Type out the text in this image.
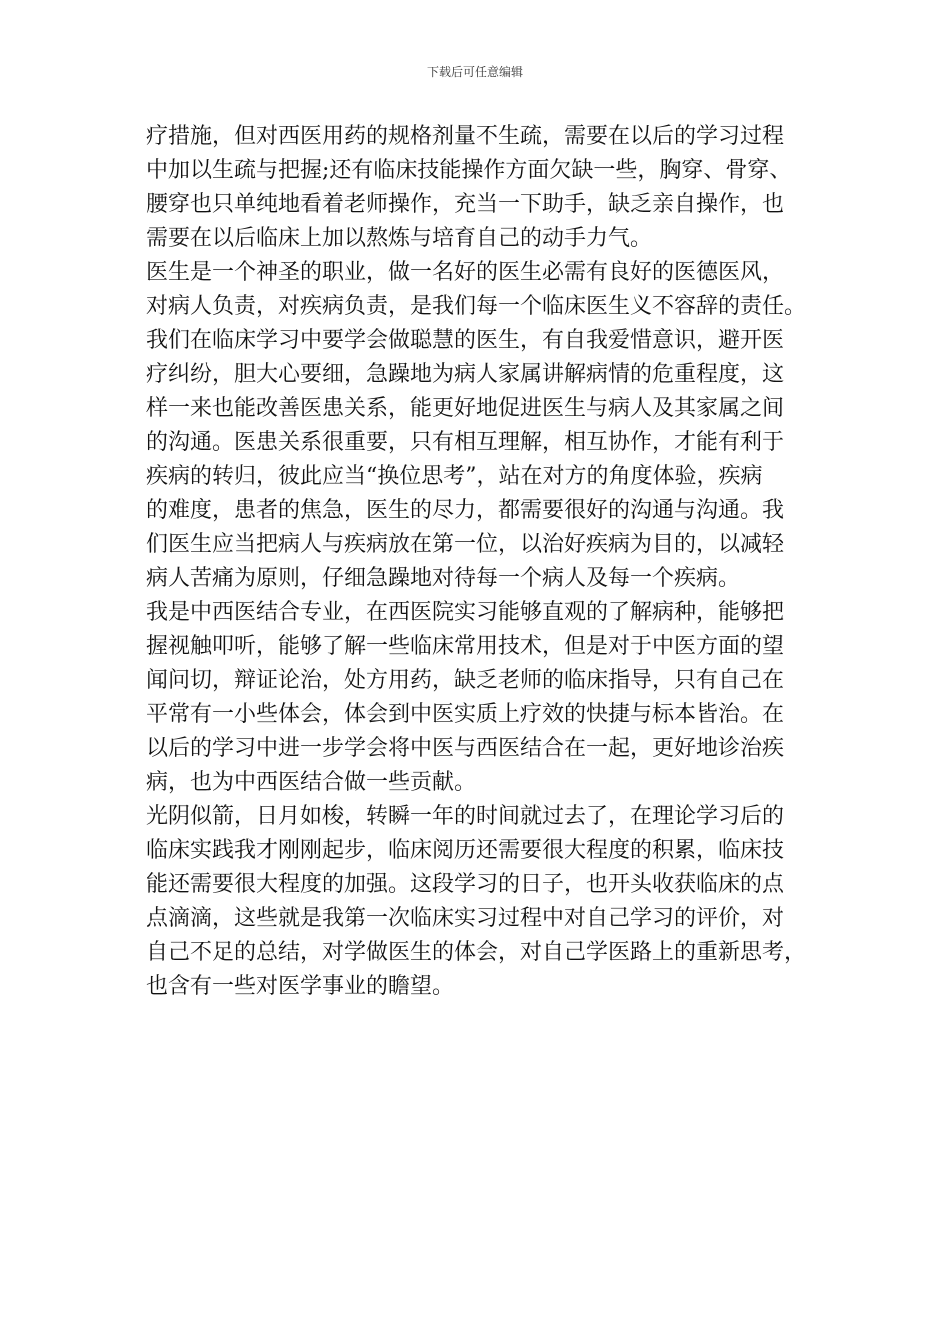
下载后可任意编辑
疗措施，但对西医用药的规格剂量不生疏，需要在以后的学习过程
中加以生疏与把握;还有临床技能操作方面欠缺一些，胸穿、骨穿、
腰穿也只单纯地看着老师操作，充当一下助手，缺乏亲自操作，也
需要在以后临床上加以熬炼与培育自己的动手力气。
医生是一个神圣的职业，做一名好的医生必需有良好的医德医风，
对病人负责，对疾病负责，是我们每一个临床医生义不容辞的责任。
我们在临床学习中要学会做聪慧的医生，有自我爱惜意识，避开医
疗纠纷，胆大心要细，急躁地为病人家属讲解病情的危重程度，这
样一来也能改善医患关系，能更好地促进医生与病人及其家属之间
的沟通。医患关系很重要，只有相互理解，相互协作，才能有利于
疾病的转归，彼此应当“换位思考”，站在对方的角度体验，疾病
的难度，患者的焦急，医生的尽力，都需要很好的沟通与沟通。我
们医生应当把病人与疾病放在第一位，以治好疾病为目的，以减轻
病人苦痛为原则，仔细急躁地对待每一个病人及每一个疾病。
我是中西医结合专业，在西医院实习能够直观的了解病种，能够把
握视触叩听，能够了解一些临床常用技术，但是对于中医方面的望
闻问切，辩证论治，处方用药，缺乏老师的临床指导，只有自己在
平常有一小些体会，体会到中医实质上疗效的快捷与标本皆治。在
以后的学习中进一步学会将中医与西医结合在一起，更好地诊治疾
病，也为中西医结合做一些贡献。
光阴似箭，日月如梭，转瞬一年的时间就过去了，在理论学习后的
临床实践我才刚刚起步，临床阅历还需要很大程度的积累，临床技
能还需要很大程度的加强。这段学习的日子，也开头收获临床的点
点滴滴，这些就是我第一次临床实习过程中对自己学习的评价，对
自己不足的总结，对学做医生的体会，对自己学医路上的重新思考，
也含有一些对医学事业的瞻望。
